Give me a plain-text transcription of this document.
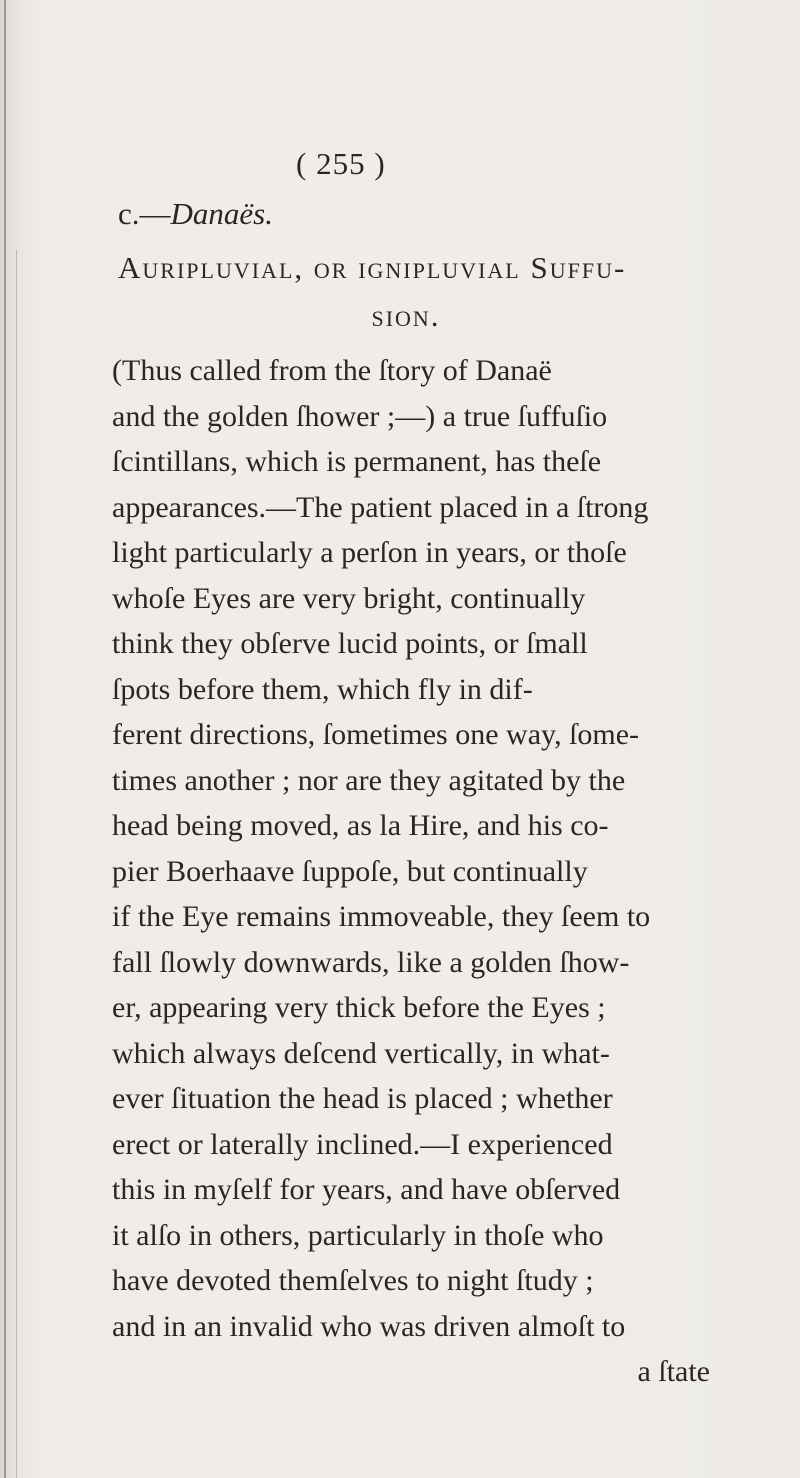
( 255 )
c.—Danaës.
Auripluvial, or ignipluvial Suffu-
sion.
(Thus called from the ſtory of Danaë
and the golden ſhower ;—) a true ſuffuſio
ſcintillans, which is permanent, has theſe
appearances.—The patient placed in a ſtrong
light particularly a perſon in years, or thoſe
whoſe Eyes are very bright, continually
think they obſerve lucid points, or ſmall
ſpots before them, which fly in dif-
ferent directions, ſometimes one way, ſome-
times another ; nor are they agitated by the
head being moved, as la Hire, and his co-
pier Boerhaave ſuppoſe, but continually
if the Eye remains immoveable, they ſeem to
fall ſlowly downwards, like a golden ſhow-
er, appearing very thick before the Eyes ;
which always deſcend vertically, in what-
ever ſituation the head is placed ; whether
erect or laterally inclined.—I experienced
this in myſelf for years, and have obſerved
it alſo in others, particularly in thoſe who
have devoted themſelves to night ſtudy ;
and in an invalid who was driven almoſt to
a ſtate
